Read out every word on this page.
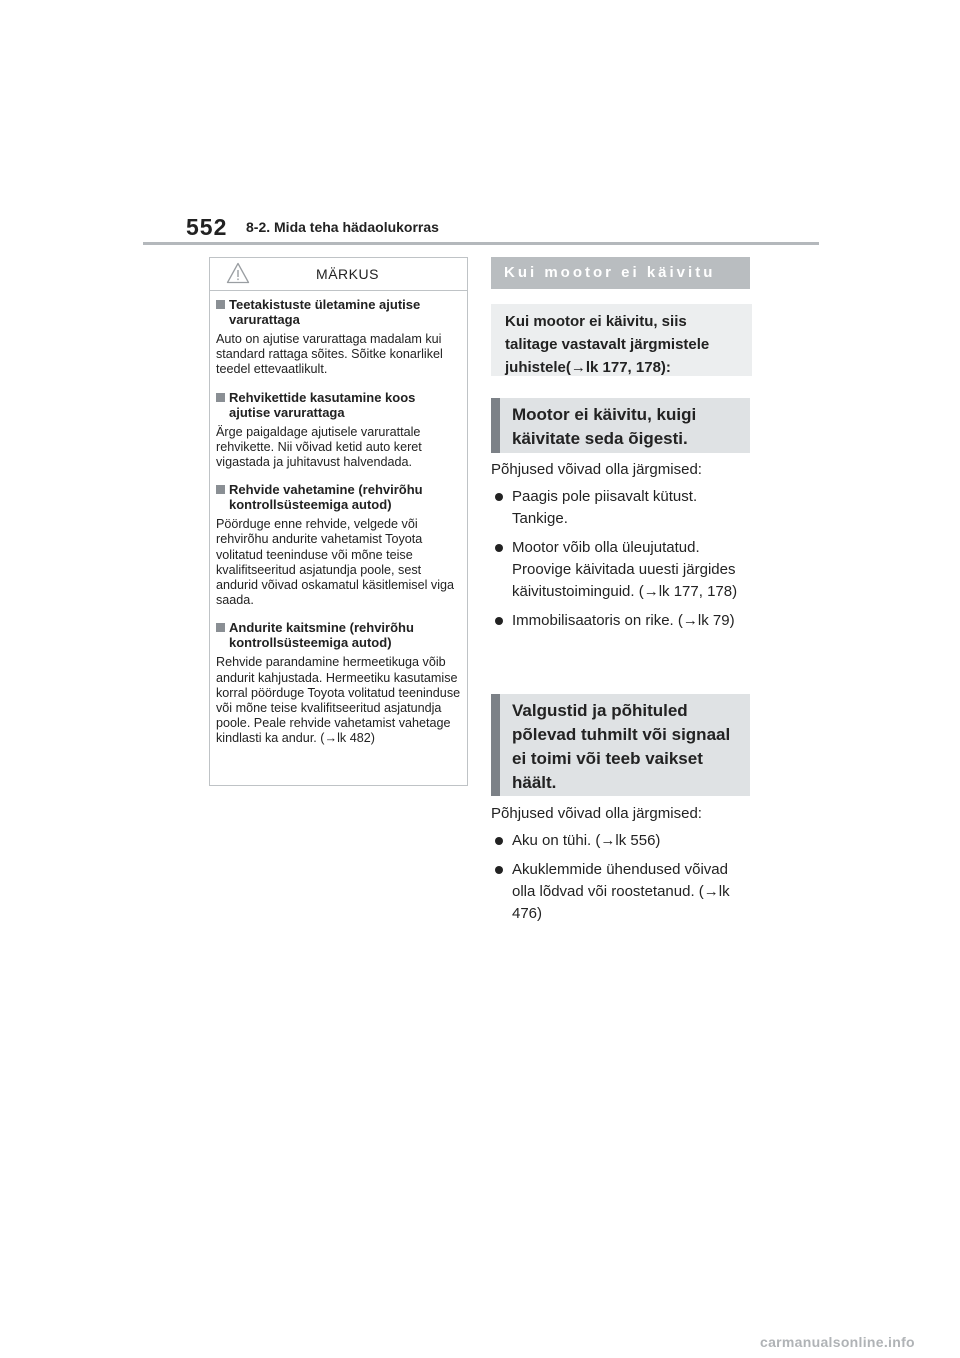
552 8-2. Mida teha hädaolukorras
MÄRKUS
Teetakistuste ületamine ajutise varurattaga
Auto on ajutise varurattaga madalam kui standard rattaga sõites. Sõitke konarlikel teedel ettevaatlikult.
Rehvikettide kasutamine koos ajutise varurattaga
Ärge paigaldage ajutisele varurattale rehvikette. Nii võivad ketid auto keret vigastada ja juhitavust halvendada.
Rehvide vahetamine (rehvirõhu kontrollsüsteemiga autod)
Pöörduge enne rehvide, velgede või rehvirõhu andurite vahetamist Toyota volitatud teeninduse või mõne teise kvalifitseeritud asjatundja poole, sest andurid võivad oskamatul käsitlemisel viga saada.
Andurite kaitsmine (rehvirõhu kontrollsüsteemiga autod)
Rehvide parandamine hermeetikuga võib andurit kahjustada. Hermeetiku kasutamise korral pöörduge Toyota volitatud teeninduse või mõne teise kvalifitseeritud asjatundja poole. Peale rehvide vahetamist vahetage kindlasti ka andur. (→lk 482)
Kui mootor ei käivitu
Kui mootor ei käivitu, siis talitage vastavalt järgmistele juhistele(→lk 177, 178):
Mootor ei käivitu, kuigi käivitate seda õigesti.
Põhjused võivad olla järgmised:
Paagis pole piisavalt kütust. Tankige.
Mootor võib olla üleujutatud. Proovige käivitada uuesti järgides käivitustoiminguid. (→lk 177, 178)
Immobilisaatoris on rike. (→lk 79)
Valgustid ja põhituled põlevad tuhmilt või signaal ei toimi või teeb vaikset häält.
Põhjused võivad olla järgmised:
Aku on tühi. (→lk 556)
Akuklemmide ühendused võivad olla lõdvad või roostetanud. (→lk 476)
carmanualsonline.info
